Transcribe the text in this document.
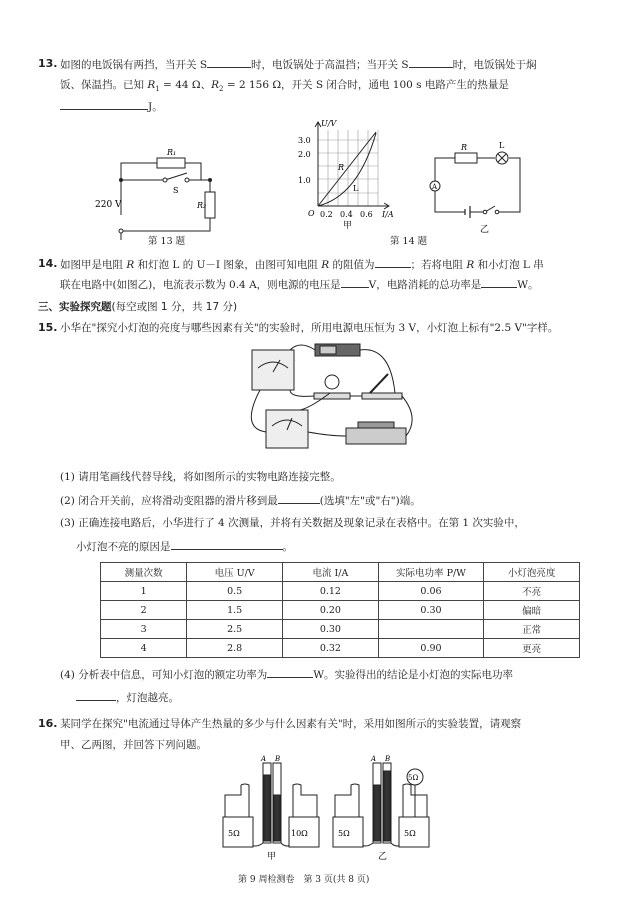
13. 如图的电饭锅有两挡，当开关 S	时，电饭锅处于高温挡；当开关 S	时，电饭锅处于焖
饭、保温挡。已知 $R_1 = 44$ Ω、$R_2 = 2$ 156 Ω，开关 S 闭合时，通电 100 s 电路产生的热量是
J。
R₁
R₂
S
220 V
第 13 题
U/V
I/A
O
1.0
2.0
3.0
0.2 0.4 0.6
R
L
甲
R	L
A
乙
第 14 题
14. 如图甲是电阻 R 和灯泡 L 的 U－I 图象，由图可知电阻 R 的阻值为	；若将电阻 R 和小灯泡 L 串
联在电路中(如图乙)，电流表示数为 0.4 A，则电源的电压是	V，电路消耗的总功率是	W。
三、实验探究题(每空或图 1 分，共 17 分)
15. 小华在"探究小灯泡的亮度与哪些因素有关"的实验时，所用电源电压恒为 3 V，小灯泡上标有"2.5 V"字样。
(1) 请用笔画线代替导线，将如图所示的实物电路连接完整。
(2) 闭合开关前，应将滑动变阻器的滑片移到最	(选填"左"或"右")端。
(3) 正确连接电路后，小华进行了 4 次测量，并将有关数据及现象记录在表格中。在第 1 次实验中，
小灯泡不亮的原因是	。
测量次数	电压 U/V	电流 I/A	实际电功率 P/W	小灯泡亮度
1	0.5	0.12	0.06	不亮
2	1.5	0.20	0.30	偏暗
3	2.5	0.30		正常
4	2.8	0.32	0.90	更亮
(4) 分析表中信息，可知小灯泡的额定功率为	W。实验得出的结论是小灯泡的实际电功率
，灯泡越亮。
16. 某同学在探究"电流通过导体产生热量的多少与什么因素有关"时，采用如图所示的实验装置，请观察
甲、乙两图，并回答下列问题。
A B	A B
5Ω	10Ω	5Ω	5Ω
5Ω
甲	乙
第 9 周检测卷　第 3 页(共 8 页)
